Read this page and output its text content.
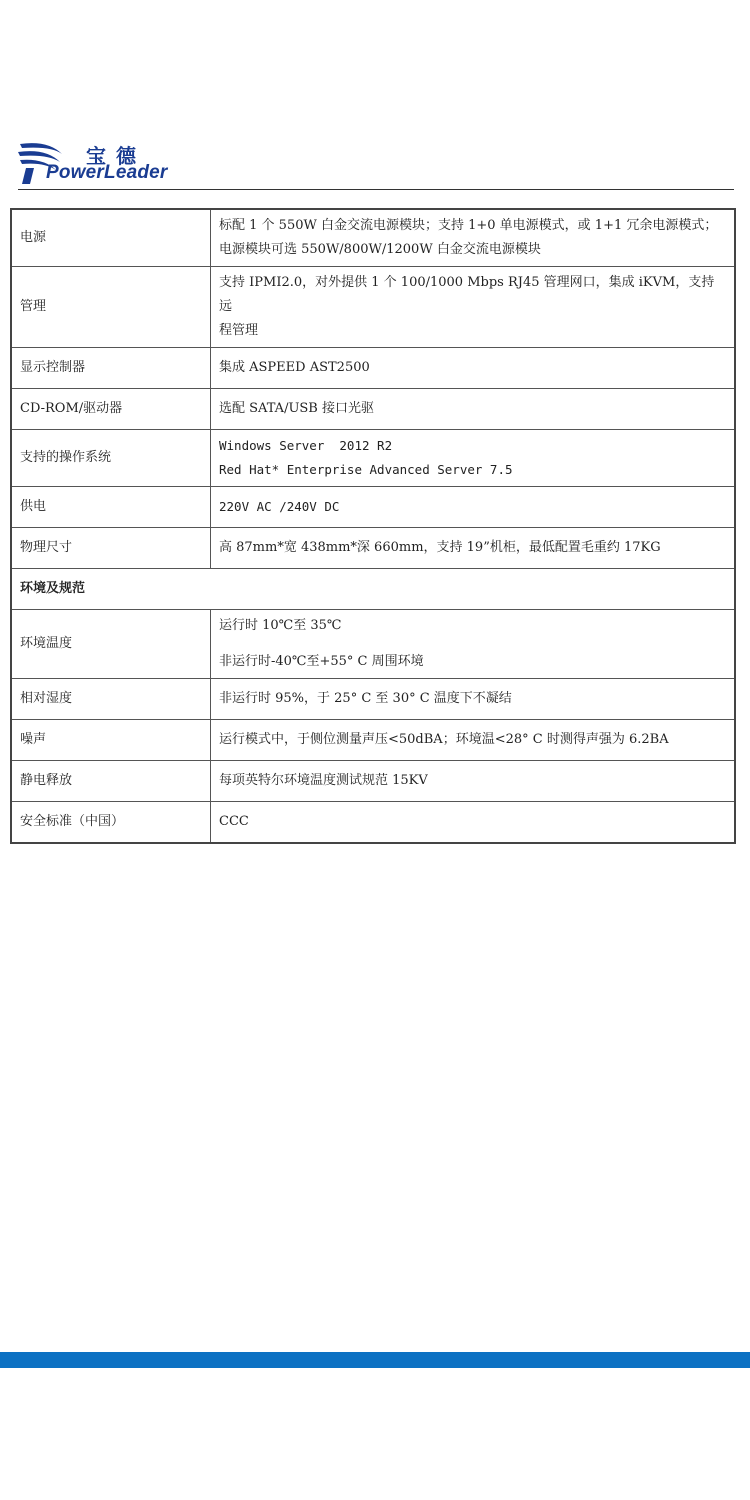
宝德
PowerLeader
电源	标配 1 个 550W 白金交流电源模块；支持 1+0 单电源模式，或 1+1 冗余电源模式；

电源模块可选 550W/800W/1200W 白金交流电源模块

管理	支持 IPMI2.0，对外提供 1 个 100/1000 Mbps RJ45 管理网口，集成 iKVM，支持远

程管理

显示控制器	集成 ASPEED AST2500
CD-ROM/驱动器	选配 SATA/USB 接口光驱
支持的操作系统	Windows Server  2012 R2

Red Hat* Enterprise Advanced Server 7.5

供电	220V AC /240V DC
物理尺寸	高 87mm*宽 438mm*深 660mm，支持 19”机柜，最低配置毛重约 17KG
环境及规范	
环境温度	运行时 10℃至 35℃

非运行时-40℃至+55° C 周围环境

相对湿度	非运行时 95%，于 25° C 至 30° C 温度下不凝结
噪声	运行模式中，于侧位测量声压<50dBA；环境温<28° C 时测得声强为 6.2BA
静电释放	每项英特尔环境温度测试规范 15KV
安全标准（中国）	CCC
